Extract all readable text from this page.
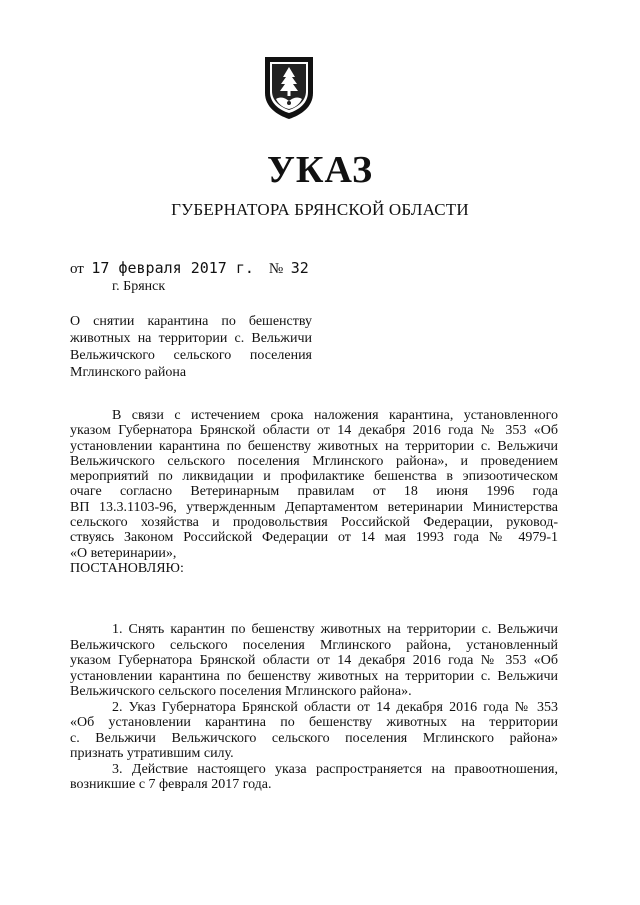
УКАЗ
ГУБЕРНАТОРА БРЯНСКОЙ ОБЛАСТИ
от 17 февраля 2017 г. № 32
г. Брянск
О снятии карантина по бешенству
животных на территории с. Вельжичи
Вельжичского сельского поселения
Мглинского района
В связи с истечением срока наложения карантина, установленного
указом Губернатора Брянской области от 14 декабря 2016 года № 353 «Об
установлении карантина по бешенству животных на территории с. Вельжичи
Вельжичского сельского поселения Мглинского района», и проведением
мероприятий по ликвидации и профилактике бешенства в эпизоотическом
очаге согласно Ветеринарным правилам от 18 июня 1996 года
ВП 13.3.1103-96, утвержденным Департаментом ветеринарии Министерства
сельского хозяйства и продовольствия Российской Федерации, руковод-
ствуясь Законом Российской Федерации от 14 мая 1993 года № 4979-1
«О ветеринарии»,
ПОСТАНОВЛЯЮ:
1. Снять карантин по бешенству животных на территории с. Вельжичи
Вельжичского сельского поселения Мглинского района, установленный
указом Губернатора Брянской области от 14 декабря 2016 года № 353 «Об
установлении карантина по бешенству животных на территории с. Вельжичи
Вельжичского сельского поселения Мглинского района».
2. Указ Губернатора Брянской области от 14 декабря 2016 года № 353
«Об установлении карантина по бешенству животных на территории
с. Вельжичи Вельжичского сельского поселения Мглинского района»
признать утратившим силу.
3. Действие настоящего указа распространяется на правоотношения,
возникшие с 7 февраля 2017 года.
